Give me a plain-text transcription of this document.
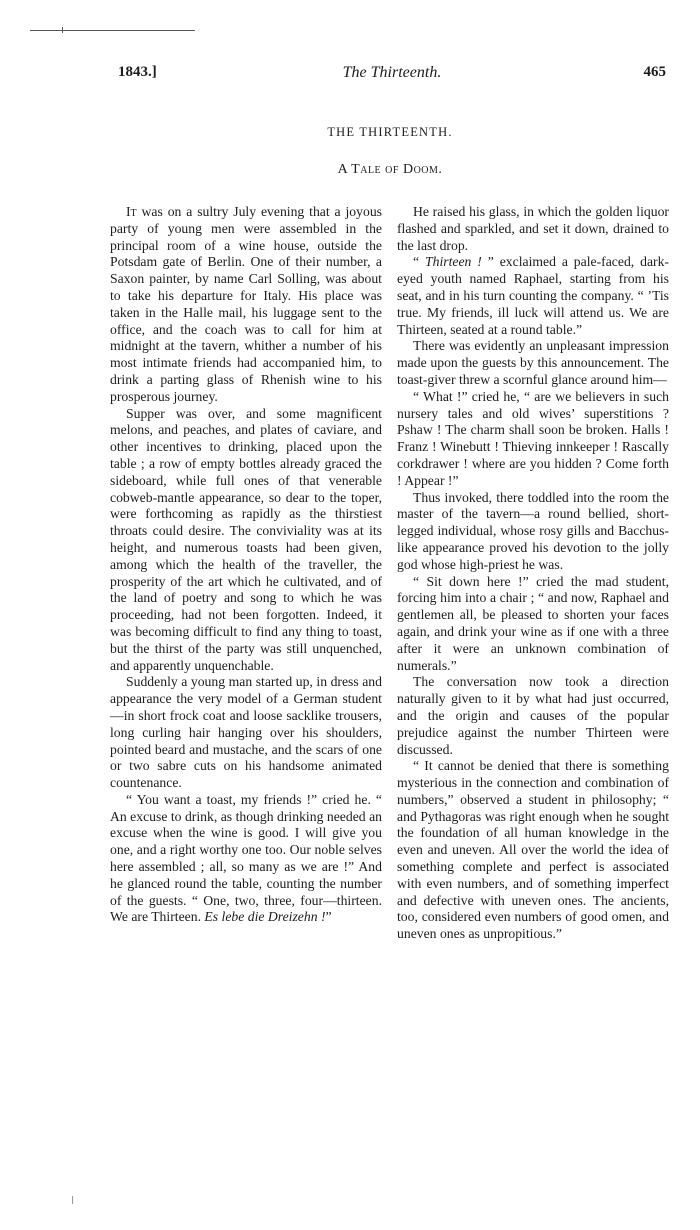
1843.]	The Thirteenth.	465
THE THIRTEENTH.
A Tale of Doom.

It was on a sultry July evening that a joyous party of young men were assembled in the principal room of a wine house, outside the Potsdam gate of Berlin. One of their number, a Saxon painter, by name Carl Solling, was about to take his departure for Italy. His place was taken in the Halle mail, his luggage sent to the office, and the coach was to call for him at midnight at the tavern, whither a number of his most intimate friends had accompanied him, to drink a parting glass of Rhenish wine to his prosperous journey.

Supper was over, and some magnificent melons, and peaches, and plates of caviare, and other incentives to drinking, placed upon the table ; a row of empty bottles already graced the sideboard, while full ones of that venerable cobweb-mantle appearance, so dear to the toper, were forthcoming as rapidly as the thirstiest throats could desire. The conviviality was at its height, and numerous toasts had been given, among which the health of the traveller, the prosperity of the art which he cultivated, and of the land of poetry and song to which he was proceeding, had not been forgotten. Indeed, it was becoming difficult to find any thing to toast, but the thirst of the party was still unquenched, and apparently unquenchable.

Suddenly a young man started up, in dress and appearance the very model of a German student—in short frock coat and loose sacklike trousers, long curling hair hanging over his shoulders, pointed beard and mustache, and the scars of one or two sabre cuts on his handsome animated countenance.

“ You want a toast, my friends !” cried he. “ An excuse to drink, as though drinking needed an excuse when the wine is good. I will give you one, and a right worthy one too. Our noble selves here assembled ; all, so many as we are !” And he glanced round the table, counting the number of the guests. “ One, two, three, four—thirteen. We are Thirteen. Es lebe die Dreizehn !”

He raised his glass, in which the golden liquor flashed and sparkled, and set it down, drained to the last drop.

“ Thirteen ! ” exclaimed a pale-faced, dark-eyed youth named Raphael, starting from his seat, and in his turn counting the company. “ ’Tis true. My friends, ill luck will attend us. We are Thirteen, seated at a round table.”

There was evidently an unpleasant impression made upon the guests by this announcement. The toast-giver threw a scornful glance around him—

“ What !” cried he, “ are we believers in such nursery tales and old wives’ superstitions ? Pshaw ! The charm shall soon be broken. Halls ! Franz ! Winebutt ! Thieving innkeeper ! Rascally corkdrawer ! where are you hidden ? Come forth ! Appear !”

Thus invoked, there toddled into the room the master of the tavern—a round bellied, short-legged individual, whose rosy gills and Bacchus-like appearance proved his devotion to the jolly god whose high-priest he was.

“ Sit down here !” cried the mad student, forcing him into a chair ; “ and now, Raphael and gentlemen all, be pleased to shorten your faces again, and drink your wine as if one with a three after it were an unknown combination of numerals.”

The conversation now took a direction naturally given to it by what had just occurred, and the origin and causes of the popular prejudice against the number Thirteen were discussed.

“ It cannot be denied that there is something mysterious in the connection and combination of numbers,” observed a student in philosophy; “ and Pythagoras was right enough when he sought the foundation of all human knowledge in the even and uneven. All over the world the idea of something complete and perfect is associated with even numbers, and of something imperfect and defective with uneven ones. The ancients, too, considered even numbers of good omen, and uneven ones as unpropitious.”
